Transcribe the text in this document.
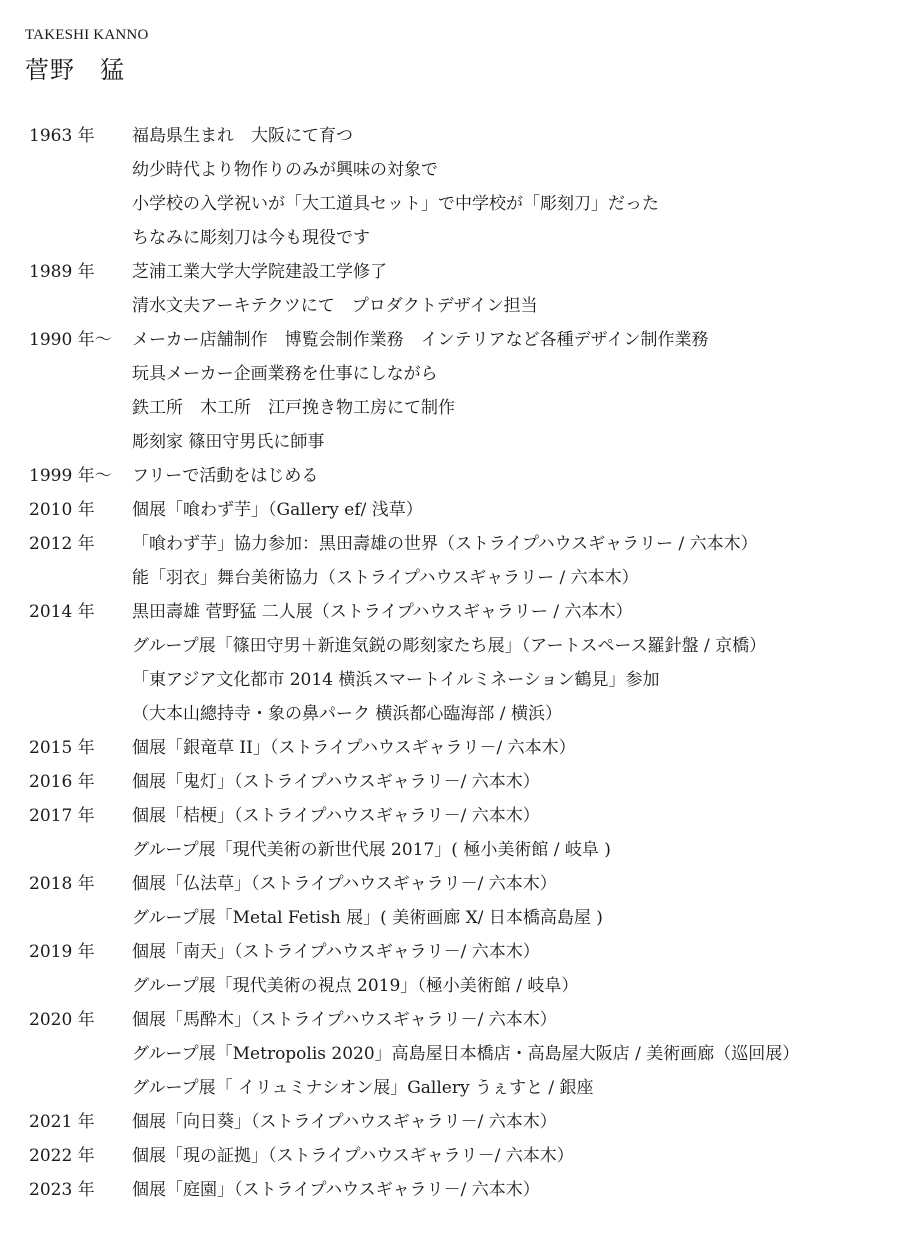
TAKESHI KANNO
菅野　猛
1963 年	福島県生まれ　大阪にて育つ
幼少時代より物作りのみが興味の対象で
小学校の入学祝いが「大工道具セット」で中学校が「彫刻刀」だった
ちなみに彫刻刀は今も現役です
1989 年	芝浦工業大学大学院建設工学修了
清水文夫アーキテクツにて　プロダクトデザイン担当
1990 年～	メーカー店舗制作　博覧会制作業務　インテリアなど各種デザイン制作業務
玩具メーカー企画業務を仕事にしながら
鉄工所　木工所　江戸挽き物工房にて制作
彫刻家 篠田守男氏に師事
1999 年～	フリーで活動をはじめる
2010 年	個展「喰わず芋」（Gallery ef/ 浅草）
2012 年	「喰わず芋」協力参加：黒田壽雄の世界（ストライプハウスギャラリー / 六本木）
能「羽衣」舞台美術協力（ストライプハウスギャラリー / 六本木）
2014 年	黒田壽雄 菅野猛 二人展（ストライプハウスギャラリー / 六本木）
グループ展「篠田守男＋新進気鋭の彫刻家たち展」（アートスペース羅針盤 / 京橋）
「東アジア文化都市 2014 横浜スマートイルミネーション鶴見」参加
（大本山總持寺・象の鼻パーク 横浜都心臨海部 / 横浜）
2015 年	個展「銀竜草 II」（ストライプハウスギャラリ－/ 六本木）
2016 年	個展「鬼灯」（ストライプハウスギャラリ－/ 六本木）
2017 年	個展「桔梗」（ストライプハウスギャラリ－/ 六本木）
グループ展「現代美術の新世代展 2017」( 極小美術館 / 岐阜 )
2018 年	個展「仏法草」（ストライプハウスギャラリ－/ 六本木）
グループ展「Metal Fetish 展」( 美術画廊 X/ 日本橋高島屋 )
2019 年	個展「南天」（ストライプハウスギャラリ－/ 六本木）
グループ展「現代美術の視点 2019」（極小美術館 / 岐阜）
2020 年	個展「馬酔木」（ストライプハウスギャラリ－/ 六本木）
グループ展「Metropolis 2020」高島屋日本橋店・高島屋大阪店 / 美術画廊（巡回展）
グループ展「 イリュミナシオン展」Gallery うぇすと / 銀座
2021 年	個展「向日葵」（ストライプハウスギャラリ－/ 六本木）
2022 年	個展「現の証拠」（ストライプハウスギャラリ－/ 六本木）
2023 年	個展「庭園」（ストライプハウスギャラリ－/ 六本木）
